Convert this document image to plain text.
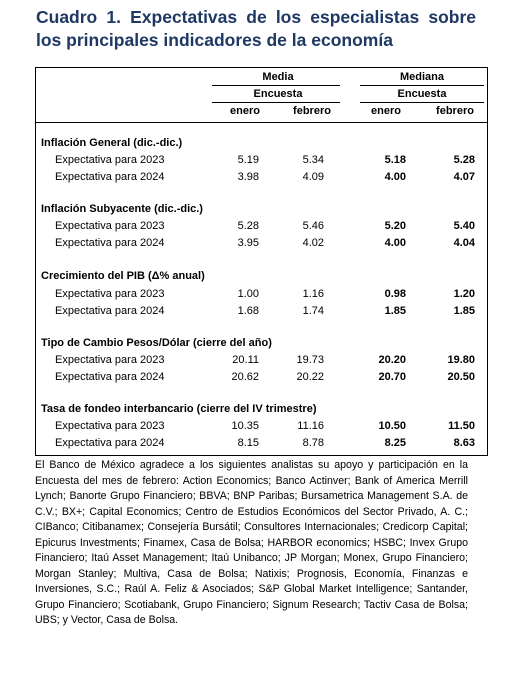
Cuadro 1. Expectativas de los especialistas sobre los principales indicadores de la economía
Media	Mediana
Encuesta	Encuesta
enero	febrero	enero	febrero
Inflación General (dic.-dic.)
Expectativa para 2023	5.19	5.34	5.18	5.28
Expectativa para 2024	3.98	4.09	4.00	4.07
Inflación Subyacente (dic.-dic.)
Expectativa para 2023	5.28	5.46	5.20	5.40
Expectativa para 2024	3.95	4.02	4.00	4.04
Crecimiento del PIB (Δ% anual)
Expectativa para 2023	1.00	1.16	0.98	1.20
Expectativa para 2024	1.68	1.74	1.85	1.85
Tipo de Cambio Pesos/Dólar (cierre del año)
Expectativa para 2023	20.11	19.73	20.20	19.80
Expectativa para 2024	20.62	20.22	20.70	20.50
Tasa de fondeo interbancario (cierre del IV trimestre)
Expectativa para 2023	10.35	11.16	10.50	11.50
Expectativa para 2024	8.15	8.78	8.25	8.63
El Banco de México agradece a los siguientes analistas su apoyo y participación en la Encuesta del mes de febrero: Action Economics; Banco Actinver; Bank of America Merrill Lynch; Banorte Grupo Financiero; BBVA; BNP Paribas; Bursametrica Management S.A. de C.V.; BX+; Capital Economics; Centro de Estudios Económicos del Sector Privado, A. C.; CIBanco; Citibanamex; Consejería Bursátil; Consultores Internacionales; Credicorp Capital; Epicurus Investments; Finamex, Casa de Bolsa; HARBOR economics; HSBC; Invex Grupo Financiero; Itaú Asset Management; Itaú Unibanco; JP Morgan; Monex, Grupo Financiero; Morgan Stanley; Multiva, Casa de Bolsa; Natixis; Prognosis, Economía, Finanzas e Inversiones, S.C.; Raúl A. Feliz & Asociados; S&P Global Market Intelligence; Santander, Grupo Financiero; Scotiabank, Grupo Financiero; Signum Research; Tactiv Casa de Bolsa; UBS; y Vector, Casa de Bolsa.
